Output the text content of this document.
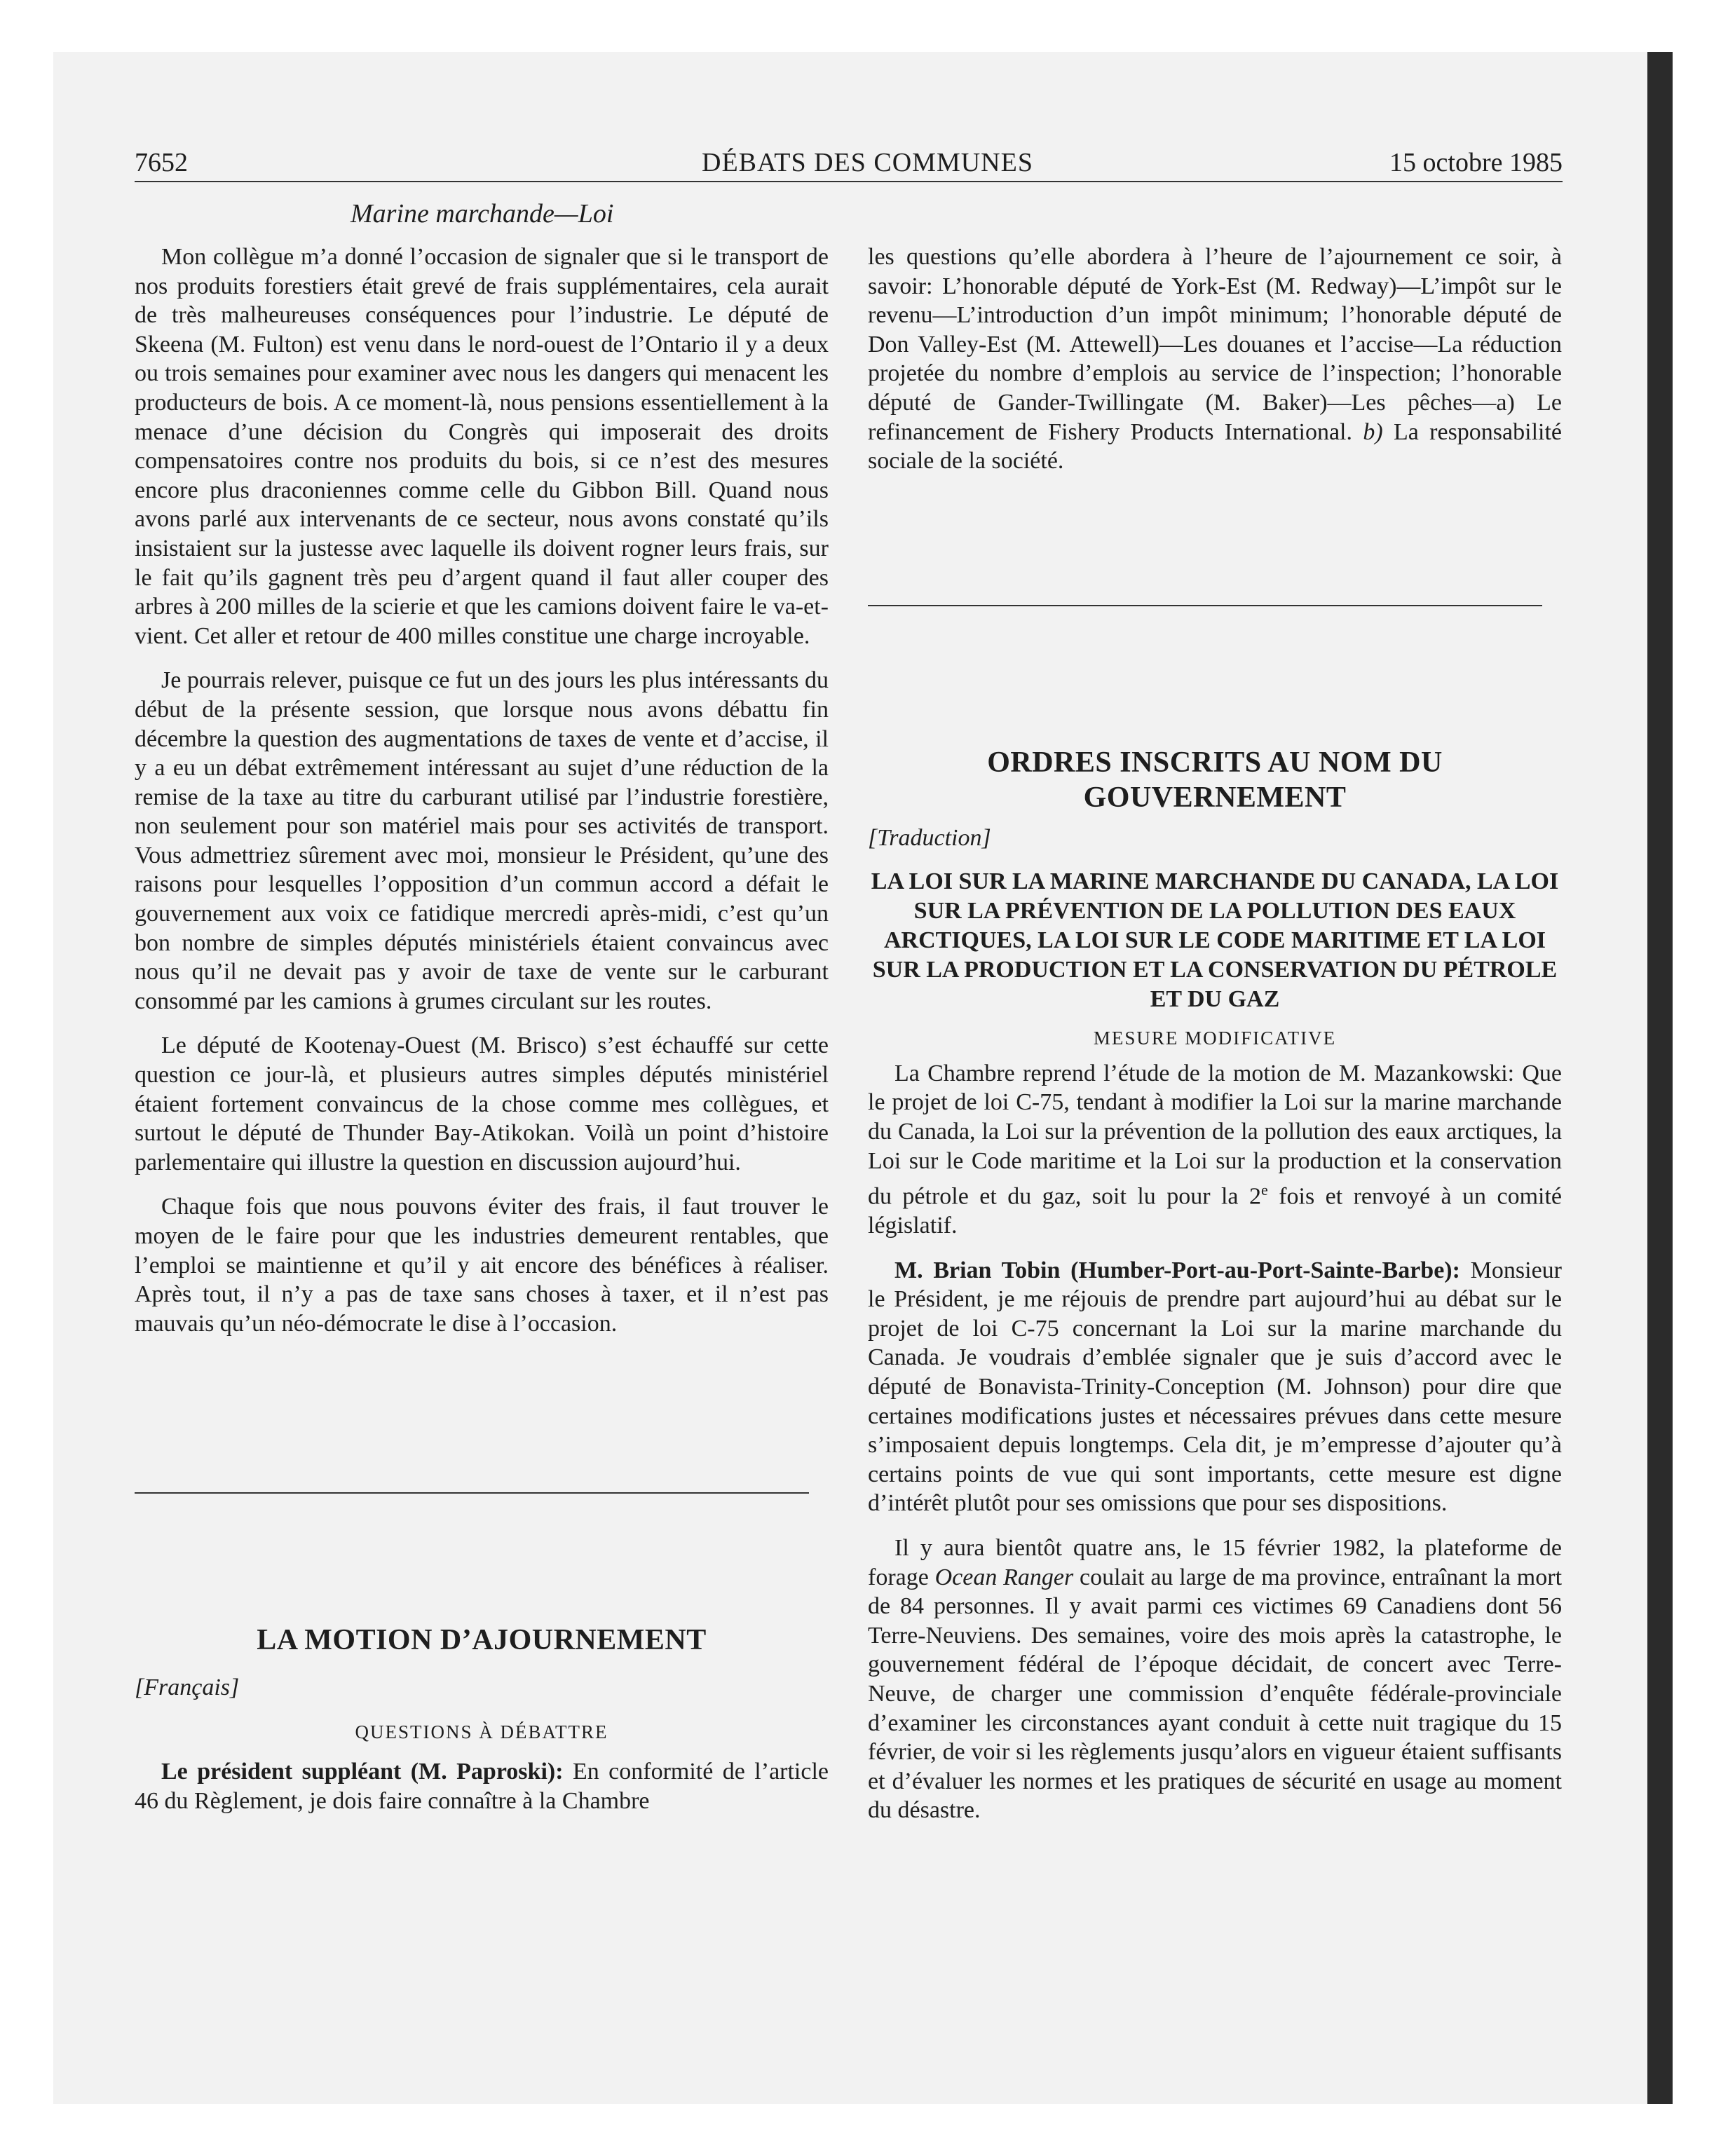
7652	DÉBATS DES COMMUNES	15 octobre 1985
Marine marchande—Loi

Mon collègue m’a donné l’occasion de signaler que si le transport de nos produits forestiers était grevé de frais supplémentaires, cela aurait de très malheureuses conséquences pour l’industrie. Le député de Skeena (M. Fulton) est venu dans le nord-ouest de l’Ontario il y a deux ou trois semaines pour examiner avec nous les dangers qui menacent les producteurs de bois. A ce moment-là, nous pensions essentiellement à la menace d’une décision du Congrès qui imposerait des droits compensatoires contre nos produits du bois, si ce n’est des mesures encore plus draconiennes comme celle du Gibbon Bill. Quand nous avons parlé aux intervenants de ce secteur, nous avons constaté qu’ils insistaient sur la justesse avec laquelle ils doivent rogner leurs frais, sur le fait qu’ils gagnent très peu d’argent quand il faut aller couper des arbres à 200 milles de la scierie et que les camions doivent faire le va-et-vient. Cet aller et retour de 400 milles constitue une charge incroyable.

Je pourrais relever, puisque ce fut un des jours les plus intéressants du début de la présente session, que lorsque nous avons débattu fin décembre la question des augmentations de taxes de vente et d’accise, il y a eu un débat extrêmement intéressant au sujet d’une réduction de la remise de la taxe au titre du carburant utilisé par l’industrie forestière, non seulement pour son matériel mais pour ses activités de transport. Vous admettriez sûrement avec moi, monsieur le Président, qu’une des raisons pour lesquelles l’opposition d’un commun accord a défait le gouvernement aux voix ce fatidique mercredi après-midi, c’est qu’un bon nombre de simples députés ministériels étaient convaincus avec nous qu’il ne devait pas y avoir de taxe de vente sur le carburant consommé par les camions à grumes circulant sur les routes.

Le député de Kootenay-Ouest (M. Brisco) s’est échauffé sur cette question ce jour-là, et plusieurs autres simples députés ministériel étaient fortement convaincus de la chose comme mes collègues, et surtout le député de Thunder Bay-Atikokan. Voilà un point d’histoire parlementaire qui illustre la question en discussion aujourd’hui.

Chaque fois que nous pouvons éviter des frais, il faut trouver le moyen de le faire pour que les industries demeurent rentables, que l’emploi se maintienne et qu’il y ait encore des bénéfices à réaliser. Après tout, il n’y a pas de taxe sans choses à taxer, et il n’est pas mauvais qu’un néo-démocrate le dise à l’occasion.

LA MOTION D’AJOURNEMENT
[Français]
QUESTIONS À DÉBATTRE

Le président suppléant (M. Paproski): En conformité de l’article 46 du Règlement, je dois faire connaître à la Chambre

les questions qu’elle abordera à l’heure de l’ajournement ce soir, à savoir: L’honorable député de York-Est (M. Redway)—L’impôt sur le revenu—L’introduction d’un impôt minimum; l’honorable député de Don Valley-Est (M. Attewell)—Les douanes et l’accise—La réduction projetée du nombre d’emplois au service de l’inspection; l’honorable député de Gander-Twillingate (M. Baker)—Les pêches—a) Le refinancement de Fishery Products International. b) La responsabilité sociale de la société.

ORDRES INSCRITS AU NOM DU GOUVERNEMENT
[Traduction]
LA LOI SUR LA MARINE MARCHANDE DU CANADA, LA LOI SUR LA PRÉVENTION DE LA POLLUTION DES EAUX ARCTIQUES, LA LOI SUR LE CODE MARITIME ET LA LOI SUR LA PRODUCTION ET LA CONSERVATION DU PÉTROLE ET DU GAZ
MESURE MODIFICATIVE

La Chambre reprend l’étude de la motion de M. Mazankowski: Que le projet de loi C-75, tendant à modifier la Loi sur la marine marchande du Canada, la Loi sur la prévention de la pollution des eaux arctiques, la Loi sur le Code maritime et la Loi sur la production et la conservation du pétrole et du gaz, soit lu pour la 2e fois et renvoyé à un comité législatif.

M. Brian Tobin (Humber-Port-au-Port-Sainte-Barbe): Monsieur le Président, je me réjouis de prendre part aujourd’hui au débat sur le projet de loi C-75 concernant la Loi sur la marine marchande du Canada. Je voudrais d’emblée signaler que je suis d’accord avec le député de Bonavista-Trinity-Conception (M. Johnson) pour dire que certaines modifications justes et nécessaires prévues dans cette mesure s’imposaient depuis longtemps. Cela dit, je m’empresse d’ajouter qu’à certains points de vue qui sont importants, cette mesure est digne d’intérêt plutôt pour ses omissions que pour ses dispositions.

Il y aura bientôt quatre ans, le 15 février 1982, la plateforme de forage Ocean Ranger coulait au large de ma province, entraînant la mort de 84 personnes. Il y avait parmi ces victimes 69 Canadiens dont 56 Terre-Neuviens. Des semaines, voire des mois après la catastrophe, le gouvernement fédéral de l’époque décidait, de concert avec Terre-Neuve, de charger une commission d’enquête fédérale-provinciale d’examiner les circonstances ayant conduit à cette nuit tragique du 15 février, de voir si les règlements jusqu’alors en vigueur étaient suffisants et d’évaluer les normes et les pratiques de sécurité en usage au moment du désastre.
